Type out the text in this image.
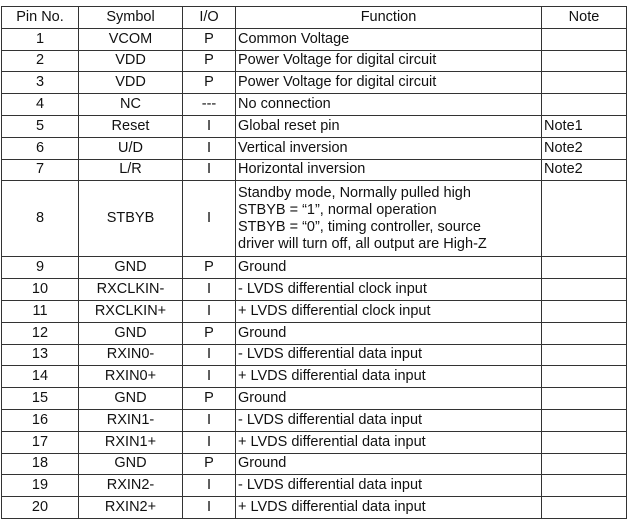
Pin No.	Symbol	I/O	Function	Note
1	VCOM	P	Common Voltage	
2	VDD	P	Power Voltage for digital circuit	
3	VDD	P	Power Voltage for digital circuit	
4	NC	---	No connection	
5	Reset	I	Global reset pin	Note1
6	U/D	I	Vertical inversion	Note2
7	L/R	I	Horizontal inversion	Note2
8	STBYB	I	Standby mode, Normally pulled high
STBYB = “1”, normal operation
STBYB = “0”, timing controller, source
driver will turn off, all output are High-Z	

9	GND	P	Ground	
10	RXCLKIN-	I	- LVDS differential clock input	
11	RXCLKIN+	I	+ LVDS differential clock input	
12	GND	P	Ground	
13	RXIN0-	I	- LVDS differential data input	
14	RXIN0+	I	+ LVDS differential data input	
15	GND	P	Ground	
16	RXIN1-	I	- LVDS differential data input	
17	RXIN1+	I	+ LVDS differential data input	
18	GND	P	Ground	
19	RXIN2-	I	- LVDS differential data input	
20	RXIN2+	I	+ LVDS differential data input	
